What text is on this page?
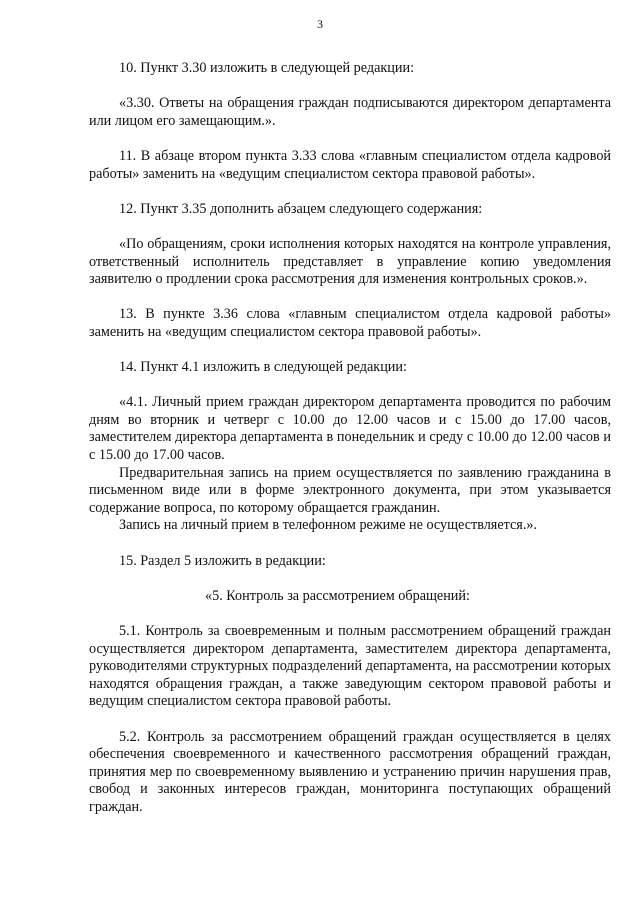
3

10. Пункт 3.30 изложить в следующей редакции:

«3.30. Ответы на обращения граждан подписываются директором департамента или лицом его замещающим.».

11. В абзаце втором пункта 3.33 слова «главным специалистом отдела кадровой работы» заменить на «ведущим специалистом сектора правовой работы».

12. Пункт 3.35 дополнить абзацем следующего содержания:

«По обращениям, сроки исполнения которых находятся на контроле управления, ответственный исполнитель представляет в управление копию уведомления заявителю о продлении срока рассмотрения для изменения контрольных сроков.».

13. В пункте 3.36 слова «главным специалистом отдела кадровой работы» заменить на «ведущим специалистом сектора правовой работы».

14. Пункт 4.1 изложить в следующей редакции:

«4.1. Личный прием граждан директором департамента проводится по рабочим дням во вторник и четверг с 10.00 до 12.00 часов и с 15.00 до 17.00 часов, заместителем директора департамента в понедельник и среду с 10.00 до 12.00 часов и с 15.00 до 17.00 часов.

Предварительная запись на прием осуществляется по заявлению гражданина в письменном виде или в форме электронного документа, при этом указывается содержание вопроса, по которому обращается гражданин.

Запись на личный прием в телефонном режиме не осуществляется.».

15. Раздел 5 изложить в редакции:

«5. Контроль за рассмотрением обращений:

5.1. Контроль за своевременным и полным рассмотрением обращений граждан осуществляется директором департамента, заместителем директора департамента, руководителями структурных подразделений департамента, на рассмотрении которых находятся обращения граждан, а также заведующим сектором правовой работы и ведущим специалистом сектора правовой работы.

5.2. Контроль за рассмотрением обращений граждан осуществляется в целях обеспечения своевременного и качественного рассмотрения обращений граждан, принятия мер по своевременному выявлению и устранению причин нарушения прав, свобод и законных интересов граждан, мониторинга поступающих обращений граждан.
